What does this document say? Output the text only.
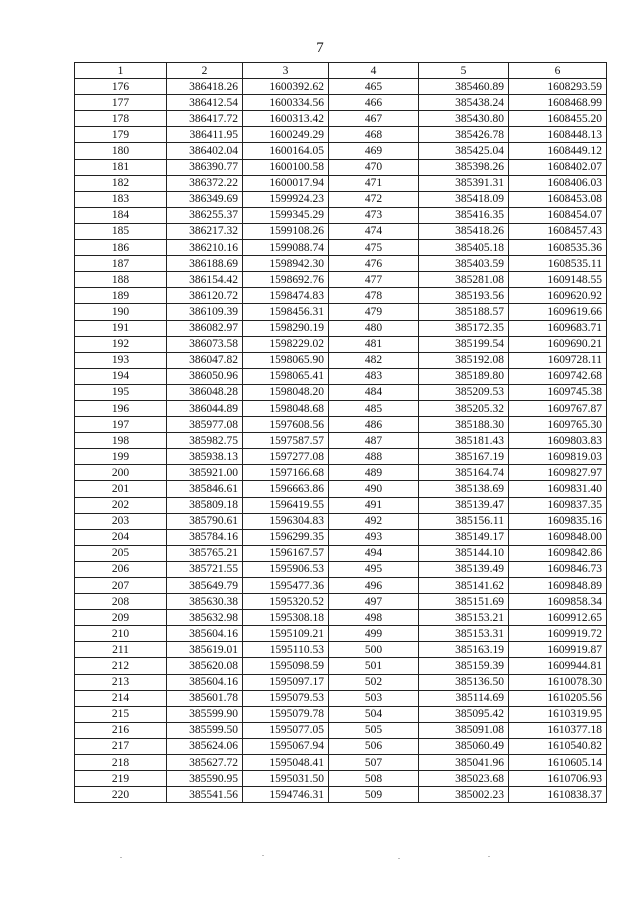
7
1	2	3	4	5	6
176	386418.26	1600392.62	465	385460.89	1608293.59
177	386412.54	1600334.56	466	385438.24	1608468.99
178	386417.72	1600313.42	467	385430.80	1608455.20
179	386411.95	1600249.29	468	385426.78	1608448.13
180	386402.04	1600164.05	469	385425.04	1608449.12
181	386390.77	1600100.58	470	385398.26	1608402.07
182	386372.22	1600017.94	471	385391.31	1608406.03
183	386349.69	1599924.23	472	385418.09	1608453.08
184	386255.37	1599345.29	473	385416.35	1608454.07
185	386217.32	1599108.26	474	385418.26	1608457.43
186	386210.16	1599088.74	475	385405.18	1608535.36
187	386188.69	1598942.30	476	385403.59	1608535.11
188	386154.42	1598692.76	477	385281.08	1609148.55
189	386120.72	1598474.83	478	385193.56	1609620.92
190	386109.39	1598456.31	479	385188.57	1609619.66
191	386082.97	1598290.19	480	385172.35	1609683.71
192	386073.58	1598229.02	481	385199.54	1609690.21
193	386047.82	1598065.90	482	385192.08	1609728.11
194	386050.96	1598065.41	483	385189.80	1609742.68
195	386048.28	1598048.20	484	385209.53	1609745.38
196	386044.89	1598048.68	485	385205.32	1609767.87
197	385977.08	1597608.56	486	385188.30	1609765.30
198	385982.75	1597587.57	487	385181.43	1609803.83
199	385938.13	1597277.08	488	385167.19	1609819.03
200	385921.00	1597166.68	489	385164.74	1609827.97
201	385846.61	1596663.86	490	385138.69	1609831.40
202	385809.18	1596419.55	491	385139.47	1609837.35
203	385790.61	1596304.83	492	385156.11	1609835.16
204	385784.16	1596299.35	493	385149.17	1609848.00
205	385765.21	1596167.57	494	385144.10	1609842.86
206	385721.55	1595906.53	495	385139.49	1609846.73
207	385649.79	1595477.36	496	385141.62	1609848.89
208	385630.38	1595320.52	497	385151.69	1609858.34
209	385632.98	1595308.18	498	385153.21	1609912.65
210	385604.16	1595109.21	499	385153.31	1609919.72
211	385619.01	1595110.53	500	385163.19	1609919.87
212	385620.08	1595098.59	501	385159.39	1609944.81
213	385604.16	1595097.17	502	385136.50	1610078.30
214	385601.78	1595079.53	503	385114.69	1610205.56
215	385599.90	1595079.78	504	385095.42	1610319.95
216	385599.50	1595077.05	505	385091.08	1610377.18
217	385624.06	1595067.94	506	385060.49	1610540.82
218	385627.72	1595048.41	507	385041.96	1610605.14
219	385590.95	1595031.50	508	385023.68	1610706.93
220	385541.56	1594746.31	509	385002.23	1610838.37
